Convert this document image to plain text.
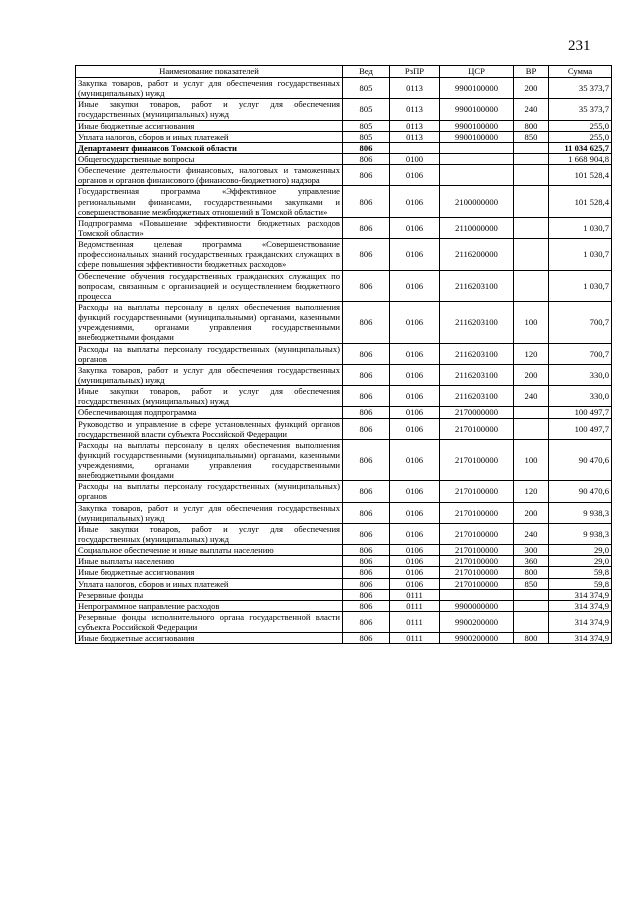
231
Наименование показателей	Вед	РзПР	ЦСР	ВР	Сумма
Закупка товаров, работ и услуг для обеспечения государственных (муниципальных) нужд	805	0113	9900100000	200	35 373,7
Иные закупки товаров, работ и услуг для обеспечения государственных (муниципальных) нужд	805	0113	9900100000	240	35 373,7
Иные бюджетные ассигнования	805	0113	9900100000	800	255,0
Уплата налогов, сборов и иных платежей	805	0113	9900100000	850	255,0
Департамент финансов Томской области	806				11 034 625,7
Общегосударственные вопросы	806	0100			1 668 904,8
Обеспечение деятельности финансовых, налоговых и таможенных органов и органов финансового (финансово-бюджетного) надзора	806	0106			101 528,4
Государственная программа «Эффективное управление региональными финансами, государственными закупками и совершенствование межбюджетных отношений в Томской области»	806	0106	2100000000		101 528,4
Подпрограмма «Повышение эффективности бюджетных расходов Томской области»	806	0106	2110000000		1 030,7
Ведомственная целевая программа «Совершенствование профессиональных знаний государственных гражданских служащих в сфере повышения эффективности бюджетных расходов»	806	0106	2116200000		1 030,7
Обеспечение обучения государственных гражданских служащих по вопросам, связанным с организацией и осуществлением бюджетного процесса	806	0106	2116203100		1 030,7
Расходы на выплаты персоналу в целях обеспечения выполнения функций государственными (муниципальными) органами, казенными учреждениями, органами управления государственными внебюджетными фондами	806	0106	2116203100	100	700,7
Расходы на выплаты персоналу государственных (муниципальных) органов	806	0106	2116203100	120	700,7
Закупка товаров, работ и услуг для обеспечения государственных (муниципальных) нужд	806	0106	2116203100	200	330,0
Иные закупки товаров, работ и услуг для обеспечения государственных (муниципальных) нужд	806	0106	2116203100	240	330,0
Обеспечивающая подпрограмма	806	0106	2170000000		100 497,7
Руководство и управление в сфере установленных функций органов государственной власти субъекта Российской Федерации	806	0106	2170100000		100 497,7
Расходы на выплаты персоналу в целях обеспечения выполнения функций государственными (муниципальными) органами, казенными учреждениями, органами управления государственными внебюджетными фондами	806	0106	2170100000	100	90 470,6
Расходы на выплаты персоналу государственных (муниципальных) органов	806	0106	2170100000	120	90 470,6
Закупка товаров, работ и услуг для обеспечения государственных (муниципальных) нужд	806	0106	2170100000	200	9 938,3
Иные закупки товаров, работ и услуг для обеспечения государственных (муниципальных) нужд	806	0106	2170100000	240	9 938,3
Социальное обеспечение и иные выплаты населению	806	0106	2170100000	300	29,0
Иные выплаты населению	806	0106	2170100000	360	29,0
Иные бюджетные ассигнования	806	0106	2170100000	800	59,8
Уплата налогов, сборов и иных платежей	806	0106	2170100000	850	59,8
Резервные фонды	806	0111			314 374,9
Непрограммное направление расходов	806	0111	9900000000		314 374,9
Резервные фонды исполнительного органа государственной власти субъекта Российской Федерации	806	0111	9900200000		314 374,9
Иные бюджетные ассигнования	806	0111	9900200000	800	314 374,9
